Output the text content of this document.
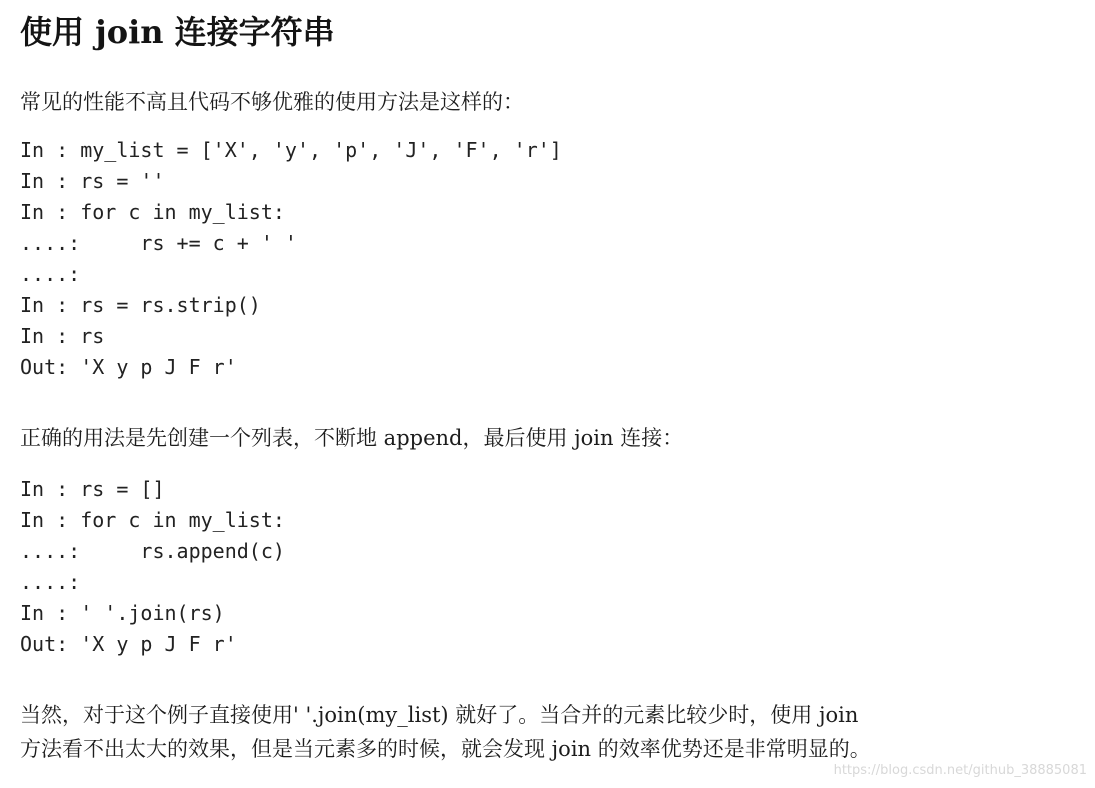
使用 join 连接字符串

常见的性能不高且代码不够优雅的使用方法是这样的：

In : my_list = ['X', 'y', 'p', 'J', 'F', 'r']
In : rs = ''
In : for c in my_list:
....:     rs += c + ' '
....:
In : rs = rs.strip()
In : rs
Out: 'X y p J F r'

正确的用法是先创建一个列表，不断地 append，最后使用 join 连接：

In : rs = []
In : for c in my_list:
....:     rs.append(c)
....:
In : ' '.join(rs)
Out: 'X y p J F r'

当然，对于这个例子直接使用' '.join(my_list) 就好了。当合并的元素比较少时，使用 join
方法看不出太大的效果，但是当元素多的时候，就会发现 join 的效率优势还是非常明显的。

https://blog.csdn.net/github_38885081
